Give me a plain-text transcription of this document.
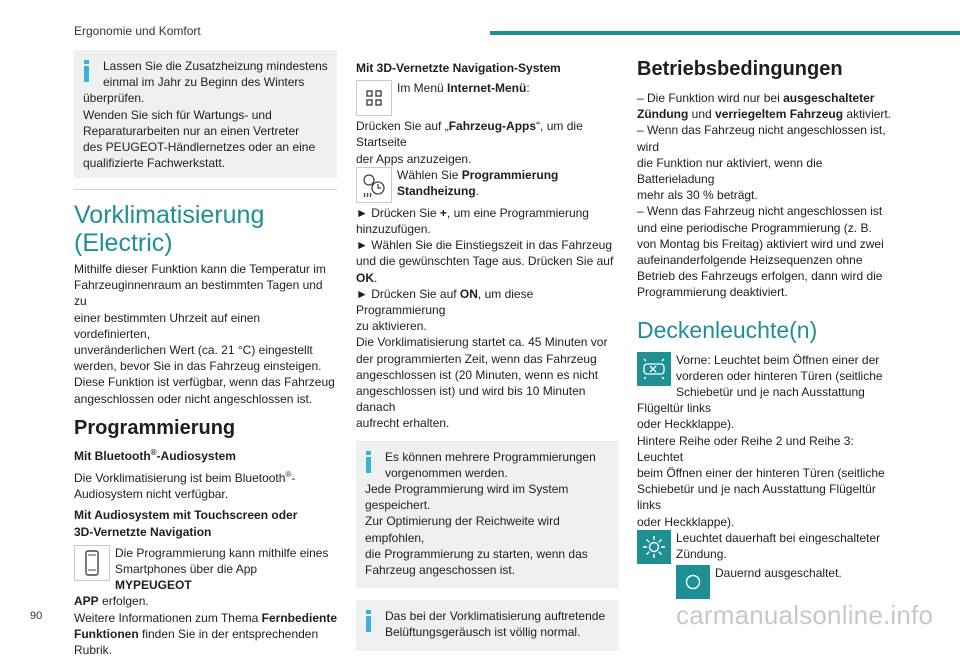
Ergonomie und Komfort

Lassen Sie die Zusatzheizung mindestens

einmal im Jahr zu Beginn des Winters

überprüfen.

Wenden Sie sich für Wartungs- und

Reparaturarbeiten nur an einen Vertreter

des PEUGEOT-Händlernetzes oder an eine

qualifizierte Fachwerkstatt.

Vorklimatisierung (Electric)

Mithilfe dieser Funktion kann die Temperatur im

Fahrzeuginnenraum an bestimmten Tagen und zu

einer bestimmten Uhrzeit auf einen vordefinierten,

unveränderlichen Wert (ca. 21 °C) eingestellt

werden, bevor Sie in das Fahrzeug einsteigen.

Diese Funktion ist verfügbar, wenn das Fahrzeug

angeschlossen oder nicht angeschlossen ist.

Programmierung
Mit Bluetooth®-Audiosystem

Die Vorklimatisierung ist beim Bluetooth®-

Audiosystem nicht verfügbar.

Mit Audiosystem mit Touchscreen oder
3D-Vernetzte Navigation

Die Programmierung kann mithilfe eines

Smartphones über die App MYPEUGEOT

APP erfolgen.

Weitere Informationen zum Thema Fernbediente

Funktionen finden Sie in der entsprechenden

Rubrik.

Mit 3D-Vernetzte Navigation-System

Im Menü Internet-Menü:

Drücken Sie auf „Fahrzeug-Apps“, um die Startseite

der Apps anzuzeigen.

Wählen Sie Programmierung

Standheizung.

► Drücken Sie +, um eine Programmierung

hinzuzufügen.

► Wählen Sie die Einstiegszeit in das Fahrzeug

und die gewünschten Tage aus. Drücken Sie auf

OK.

► Drücken Sie auf ON, um diese Programmierung

zu aktivieren.

Die Vorklimatisierung startet ca. 45 Minuten vor

der programmierten Zeit, wenn das Fahrzeug

angeschlossen ist (20 Minuten, wenn es nicht

angeschlossen ist) und wird bis 10 Minuten danach

aufrecht erhalten.

Es können mehrere Programmierungen

vorgenommen werden.

Jede Programmierung wird im System

gespeichert.

Zur Optimierung der Reichweite wird empfohlen,

die Programmierung zu starten, wenn das

Fahrzeug angeschossen ist.

Das bei der Vorklimatisierung auftretende

Belüftungsgeräusch ist völlig normal.

Betriebsbedingungen

– Die Funktion wird nur bei ausgeschalteter

Zündung und verriegeltem Fahrzeug aktiviert.

– Wenn das Fahrzeug nicht angeschlossen ist, wird

die Funktion nur aktiviert, wenn die Batterieladung

mehr als 30 % beträgt.

– Wenn das Fahrzeug nicht angeschlossen ist

und eine periodische Programmierung (z. B.

von Montag bis Freitag) aktiviert wird und zwei

aufeinanderfolgende Heizsequenzen ohne

Betrieb des Fahrzeugs erfolgen, dann wird die

Programmierung deaktiviert.

Deckenleuchte(n)

Vorne: Leuchtet beim Öffnen einer der

vorderen oder hinteren Türen (seitliche

Schiebetür und je nach Ausstattung Flügeltür links

oder Heckklappe).

Hintere Reihe oder Reihe 2 und Reihe 3: Leuchtet

beim Öffnen einer der hinteren Türen (seitliche

Schiebetür und je nach Ausstattung Flügeltür links

oder Heckklappe).

Leuchtet dauerhaft bei eingeschalteter

Zündung.

Dauernd ausgeschaltet.

90	carmanualsonline.info
